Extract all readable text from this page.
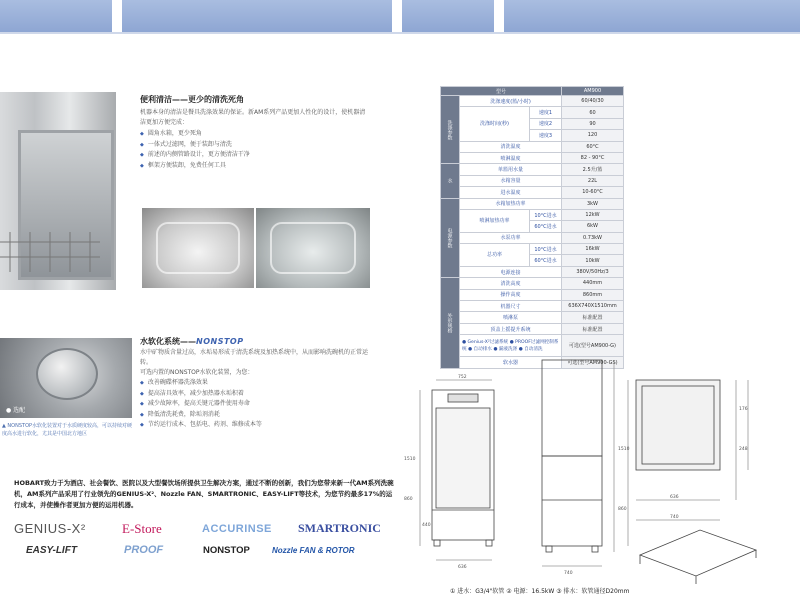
便利清洁——更少的清洗死角
机器本身的清洁是餐具洗涤效果的保证。新AM系列产品更加人性化的设计，使机器清洁更加方便完成：
◆ 圆角水箱，更少死角
◆ 一体式过滤网，便于装卸与清洗
◆ 前述的内侧管路设计，更方便清洁干净
◆ 框架方便装卸，免费任何工具
● 选配
▲ NONSTOP水软化装置对于水质硬度较高，可以持续对硬度高水进行软化，尤其是中国北方地区
水软化系统——NONSTOP
水中矿物质含量过高，水垢易形成于清洗系统及加热系统中，从而影响洗碗机的正常运转。
可选内置的NONSTOP水软化装置，为您：
◆ 改善碗碟杯器洗涤效果
◆ 提高洁具效率，减少加热器水垢积着
◆ 减少故障率，提高关键元器件使用寿命
◆ 降低清洗耗费，除垢剂消耗
◆ 节约运行成本、包括电、药剂、维修成本等
HOBART致力于为酒店、社会餐饮、医院以及大型餐饮场所提供卫生解决方案，通过不断的创新，我们为您带来新一代AM系列洗碗机，AM系列产品采用了行业领先的GENIUS-X²、Nozzle FAN、SMARTRONIC、EASY-LIFT等技术，为您节约最多17%的运行成本，并使操作者更加方便的运用机器。
GENIUS-X²	E-Store	ACCURINSE SMARTRONIC
EASY-LIFT	PROOF	NONSTOP	Nozzle FAN & ROTOR
型号			AM900
洗涤参数	洗涤速度(篮/小时)		60/40/30
	洗涤时间(秒)	速度1	60
		速度2	90
		速度3	120
	清洗温度		60°C
	喷淋温度		82 - 90°C
水	单篮用水量		2.5升/篮
	水箱容量		22L
	进水温度		10-60°C
电源参数	水箱加热功率		3kW
	喷淋加热功率	10°C进水	12kW
		60°C进水	6kW
	水泵功率		0.73kW
	总功率	10°C进水	16kW
		60°C进水	10kW
	电源连接		380V/50Hz/3
外形规格	清洗高度		440mm
	操作高度		860mm
	机器尺寸		636X740X1510mm
	喷淋泵		标准配置
	顶盖上摇提升系统		标准配置
	● Genius-X²过滤系统 ● PROOF过滤网控制系统 ● 自动排水 ● 漏液洗涤 ● 自动清洗		可选(型号AM900-G)
	软水器		可选(型号AM900-GS)
752
636
1510
860
440
740
1510
860
636
740
176
248
① 进水：G3/4"软管 ② 电源：16.5kW ③ 排水：软管通径D20mm
